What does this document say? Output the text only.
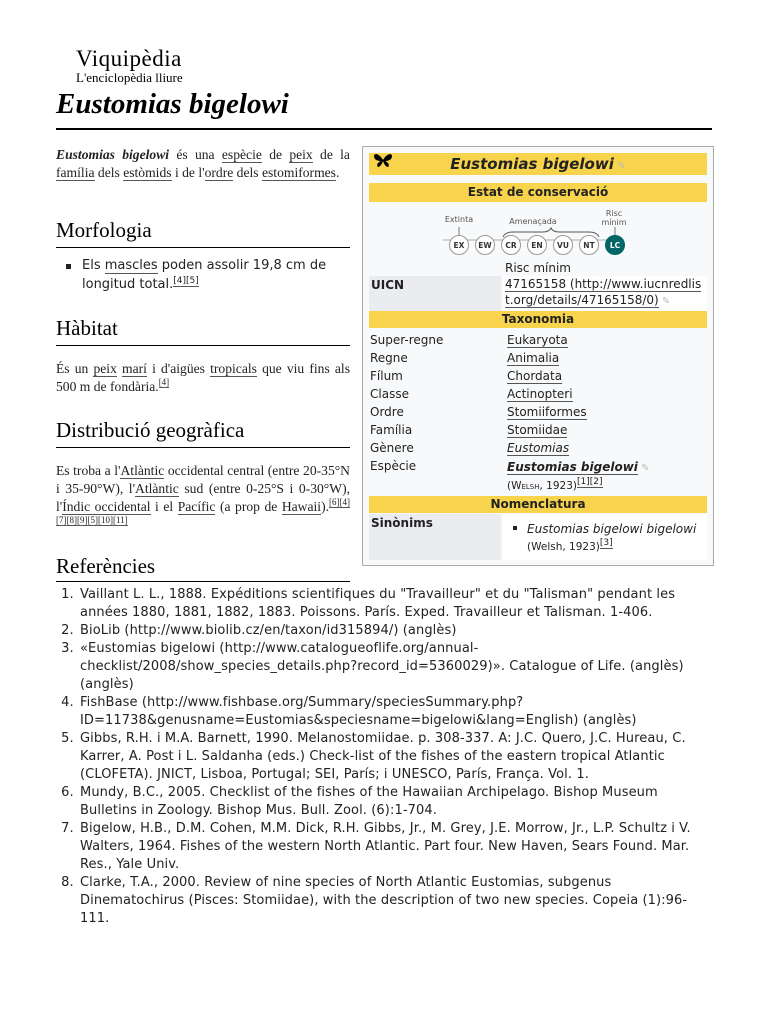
Viquipèdia
L'enciclopèdia lliure
Eustomias bigelowi

Eustomias bigelowi és una espècie de peix de la família dels estòmids i de l'ordre dels estomiformes.

Morfologia
Els mascles poden assolir 19,8 cm de longitud total.[4][5]
Hàbitat

És un peix marí i d'aigües tropicals que viu fins als 500 m de fondària.[4]

Distribució geogràfica

Es troba a l'Atlàntic occidental central (entre 20-35°N i 35-90°W), l'Atlàntic sud (entre 0-25°S i 0-30°W), l'Índic occidental i el Pacífic (a prop de Hawaii).[6][4][7][8][9][5][10][11]

Eustomias bigelowi ✎
Estat de conservació
Extinta	Amenaçada
Risc mínim
EX	EW	CR	EN	VU	NT	LC
Risc mínim
UICN	47165158 (http://www.iucnredlist.org/details/47165158/0) ✎
Taxonomia
Super-regne	Eukaryota
Regne	Animalia
Fílum	Chordata
Classe	Actinopteri
Ordre	Stomiiformes
Família	Stomiidae
Gènere	Eustomias
Espècie	Eustomias bigelowi ✎
(Welsh, 1923)[1][2]
Nomenclatura
Sinònims	Eustomias bigelowi bigelowi
(Welsh, 1923)[3]
Referències
1. Vaillant L. L., 1888. Expéditions scientifiques du "Travailleur" et du "Talisman" pendant les années 1880, 1881, 1882, 1883. Poissons. París. Exped. Travailleur et Talisman. 1-406.
2. BioLib (http://www.biolib.cz/en/taxon/id315894/) (anglès)
3. «Eustomias bigelowi (http://www.catalogueoflife.org/annual-checklist/2008/show_species_details.php?record_id=5360029)». Catalogue of Life. (anglès) (anglès)
4. FishBase (http://www.fishbase.org/Summary/speciesSummary.php?ID=11738&genusname=Eustomias&speciesname=bigelowi&lang=English) (anglès)
5. Gibbs, R.H. i M.A. Barnett, 1990. Melanostomiidae. p. 308-337. A: J.C. Quero, J.C. Hureau, C. Karrer, A. Post i L. Saldanha (eds.) Check-list of the fishes of the eastern tropical Atlantic (CLOFETA). JNICT, Lisboa, Portugal; SEI, París; i UNESCO, París, França. Vol. 1.
6. Mundy, B.C., 2005. Checklist of the fishes of the Hawaiian Archipelago. Bishop Museum Bulletins in Zoology. Bishop Mus. Bull. Zool. (6):1-704.
7. Bigelow, H.B., D.M. Cohen, M.M. Dick, R.H. Gibbs, Jr., M. Grey, J.E. Morrow, Jr., L.P. Schultz i V. Walters, 1964. Fishes of the western North Atlantic. Part four. New Haven, Sears Found. Mar. Res., Yale Univ.
8. Clarke, T.A., 2000. Review of nine species of North Atlantic Eustomias, subgenus Dinematochirus (Pisces: Stomiidae), with the description of two new species. Copeia (1):96-111.
